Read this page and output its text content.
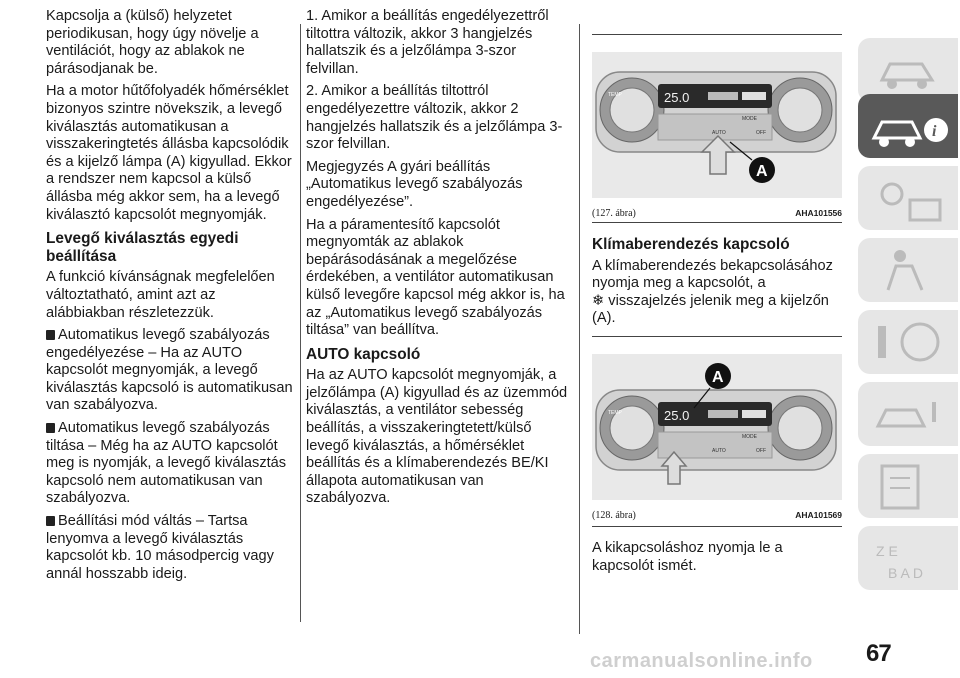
Kapcsolja a (külső) helyzetet periodikusan, hogy úgy növelje a ventilációt, hogy az ablakok ne párásodjanak be.

Ha a motor hűtőfolyadék hőmérséklet bizonyos szintre növekszik, a levegő kiválasztás automatikusan a visszakeringtetés állásba kapcsolódik és a kijelző lámpa (A) kigyullad. Ekkor a rendszer nem kapcsol a külső állásba még akkor sem, ha a levegő kiválasztó kapcsolót megnyomják.

Levegő kiválasztás egyedi beállítása

A funkció kívánságnak megfelelően változtatható, amint azt az alábbiakban részletezzük.

Automatikus levegő szabályozás engedélyezése – Ha az AUTO kapcsolót megnyomják, a levegő kiválasztás kapcsoló is automatikusan van szabályozva.

Automatikus levegő szabályozás tiltása – Még ha az AUTO kapcsolót meg is nyomják, a levegő kiválasztás kapcsoló nem automatikusan van szabályozva.

Beállítási mód váltás – Tartsa lenyomva a levegő kiválasztás kapcsolót kb. 10 másodpercig vagy annál hosszabb ideig.

1. Amikor a beállítás engedélyezettről tiltottra változik, akkor 3 hangjelzés hallatszik és a jelzőlámpa 3-szor felvillan.

2. Amikor a beállítás tiltottról engedélyezettre változik, akkor 2 hangjelzés hallatszik és a jelzőlámpa 3-szor felvillan.

Megjegyzés A gyári beállítás „Automatikus levegő szabályozás engedélyezése”.

Ha a páramentesítő kapcsolót megnyomták az ablakok bepárásodásának a megelőzése érdekében, a ventilátor automatikusan külső levegőre kapcsol még akkor is, ha az „Automatikus levegő szabályozás tiltása” van beállítva.

AUTO kapcsoló

Ha az AUTO kapcsolót megnyomják, a jelzőlámpa (A) kigyullad és az üzemmód kiválasztás, a ventilátor sebesség beállítás, a visszakeringtetett/külső levegő kiválasztás, a hőmérséklet beállítás és a klímaberendezés BE/KI állapota automatikusan van szabályozva.

25.0
AUTO
MODE
OFF
TEMP
A
(127. ábra)	AHA101556
Klímaberendezés kapcsoló

A klímaberendezés bekapcsolásához nyomja meg a kapcsolót, a
❄ visszajelzés jelenik meg a kijelzőn (A).

25.0
AUTO
MODE
OFF
TEMP
A
(128. ábra)	AHA101569

A kikapcsoláshoz nyomja le a kapcsolót ismét.

i
Z E
B A D
67
carmanualsonline.info
